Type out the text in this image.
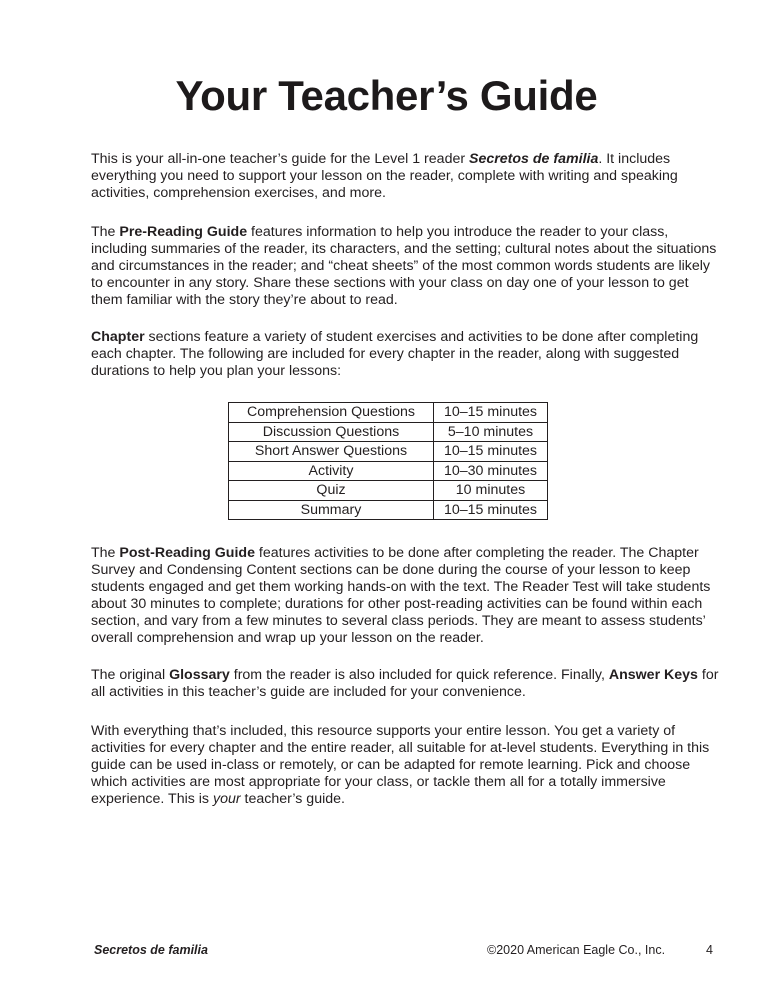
Your Teacher’s Guide

This is your all-in-one teacher’s guide for the Level 1 reader Secretos de familia. It includes everything you need to support your lesson on the reader, complete with writing and speaking activities, comprehension exercises, and more.

The Pre-Reading Guide features information to help you introduce the reader to your class, including summaries of the reader, its characters, and the setting; cultural notes about the situations and circumstances in the reader; and “cheat sheets” of the most common words students are likely to encounter in any story. Share these sections with your class on day one of your lesson to get them familiar with the story they’re about to read.

Chapter sections feature a variety of student exercises and activities to be done after completing each chapter. The following are included for every chapter in the reader, along with suggested durations to help you plan your lessons:

Comprehension Questions	10–15 minutes
Discussion Questions	5–10 minutes
Short Answer Questions	10–15 minutes
Activity	10–30 minutes
Quiz	10 minutes
Summary	10–15 minutes

The Post-Reading Guide features activities to be done after completing the reader. The Chapter Survey and Condensing Content sections can be done during the course of your lesson to keep students engaged and get them working hands-on with the text. The Reader Test will take students about 30 minutes to complete; durations for other post-reading activities can be found within each section, and vary from a few minutes to several class periods. They are meant to assess students’ overall comprehension and wrap up your lesson on the reader.

The original Glossary from the reader is also included for quick reference. Finally, Answer Keys for all activities in this teacher’s guide are included for your convenience.

With everything that’s included, this resource supports your entire lesson. You get a variety of activities for every chapter and the entire reader, all suitable for at-level students. Everything in this guide can be used in-class or remotely, or can be adapted for remote learning. Pick and choose which activities are most appropriate for your class, or tackle them all for a totally immersive experience. This is your teacher’s guide.

Secretos de familia	©2020 American Eagle Co., Inc.	4
